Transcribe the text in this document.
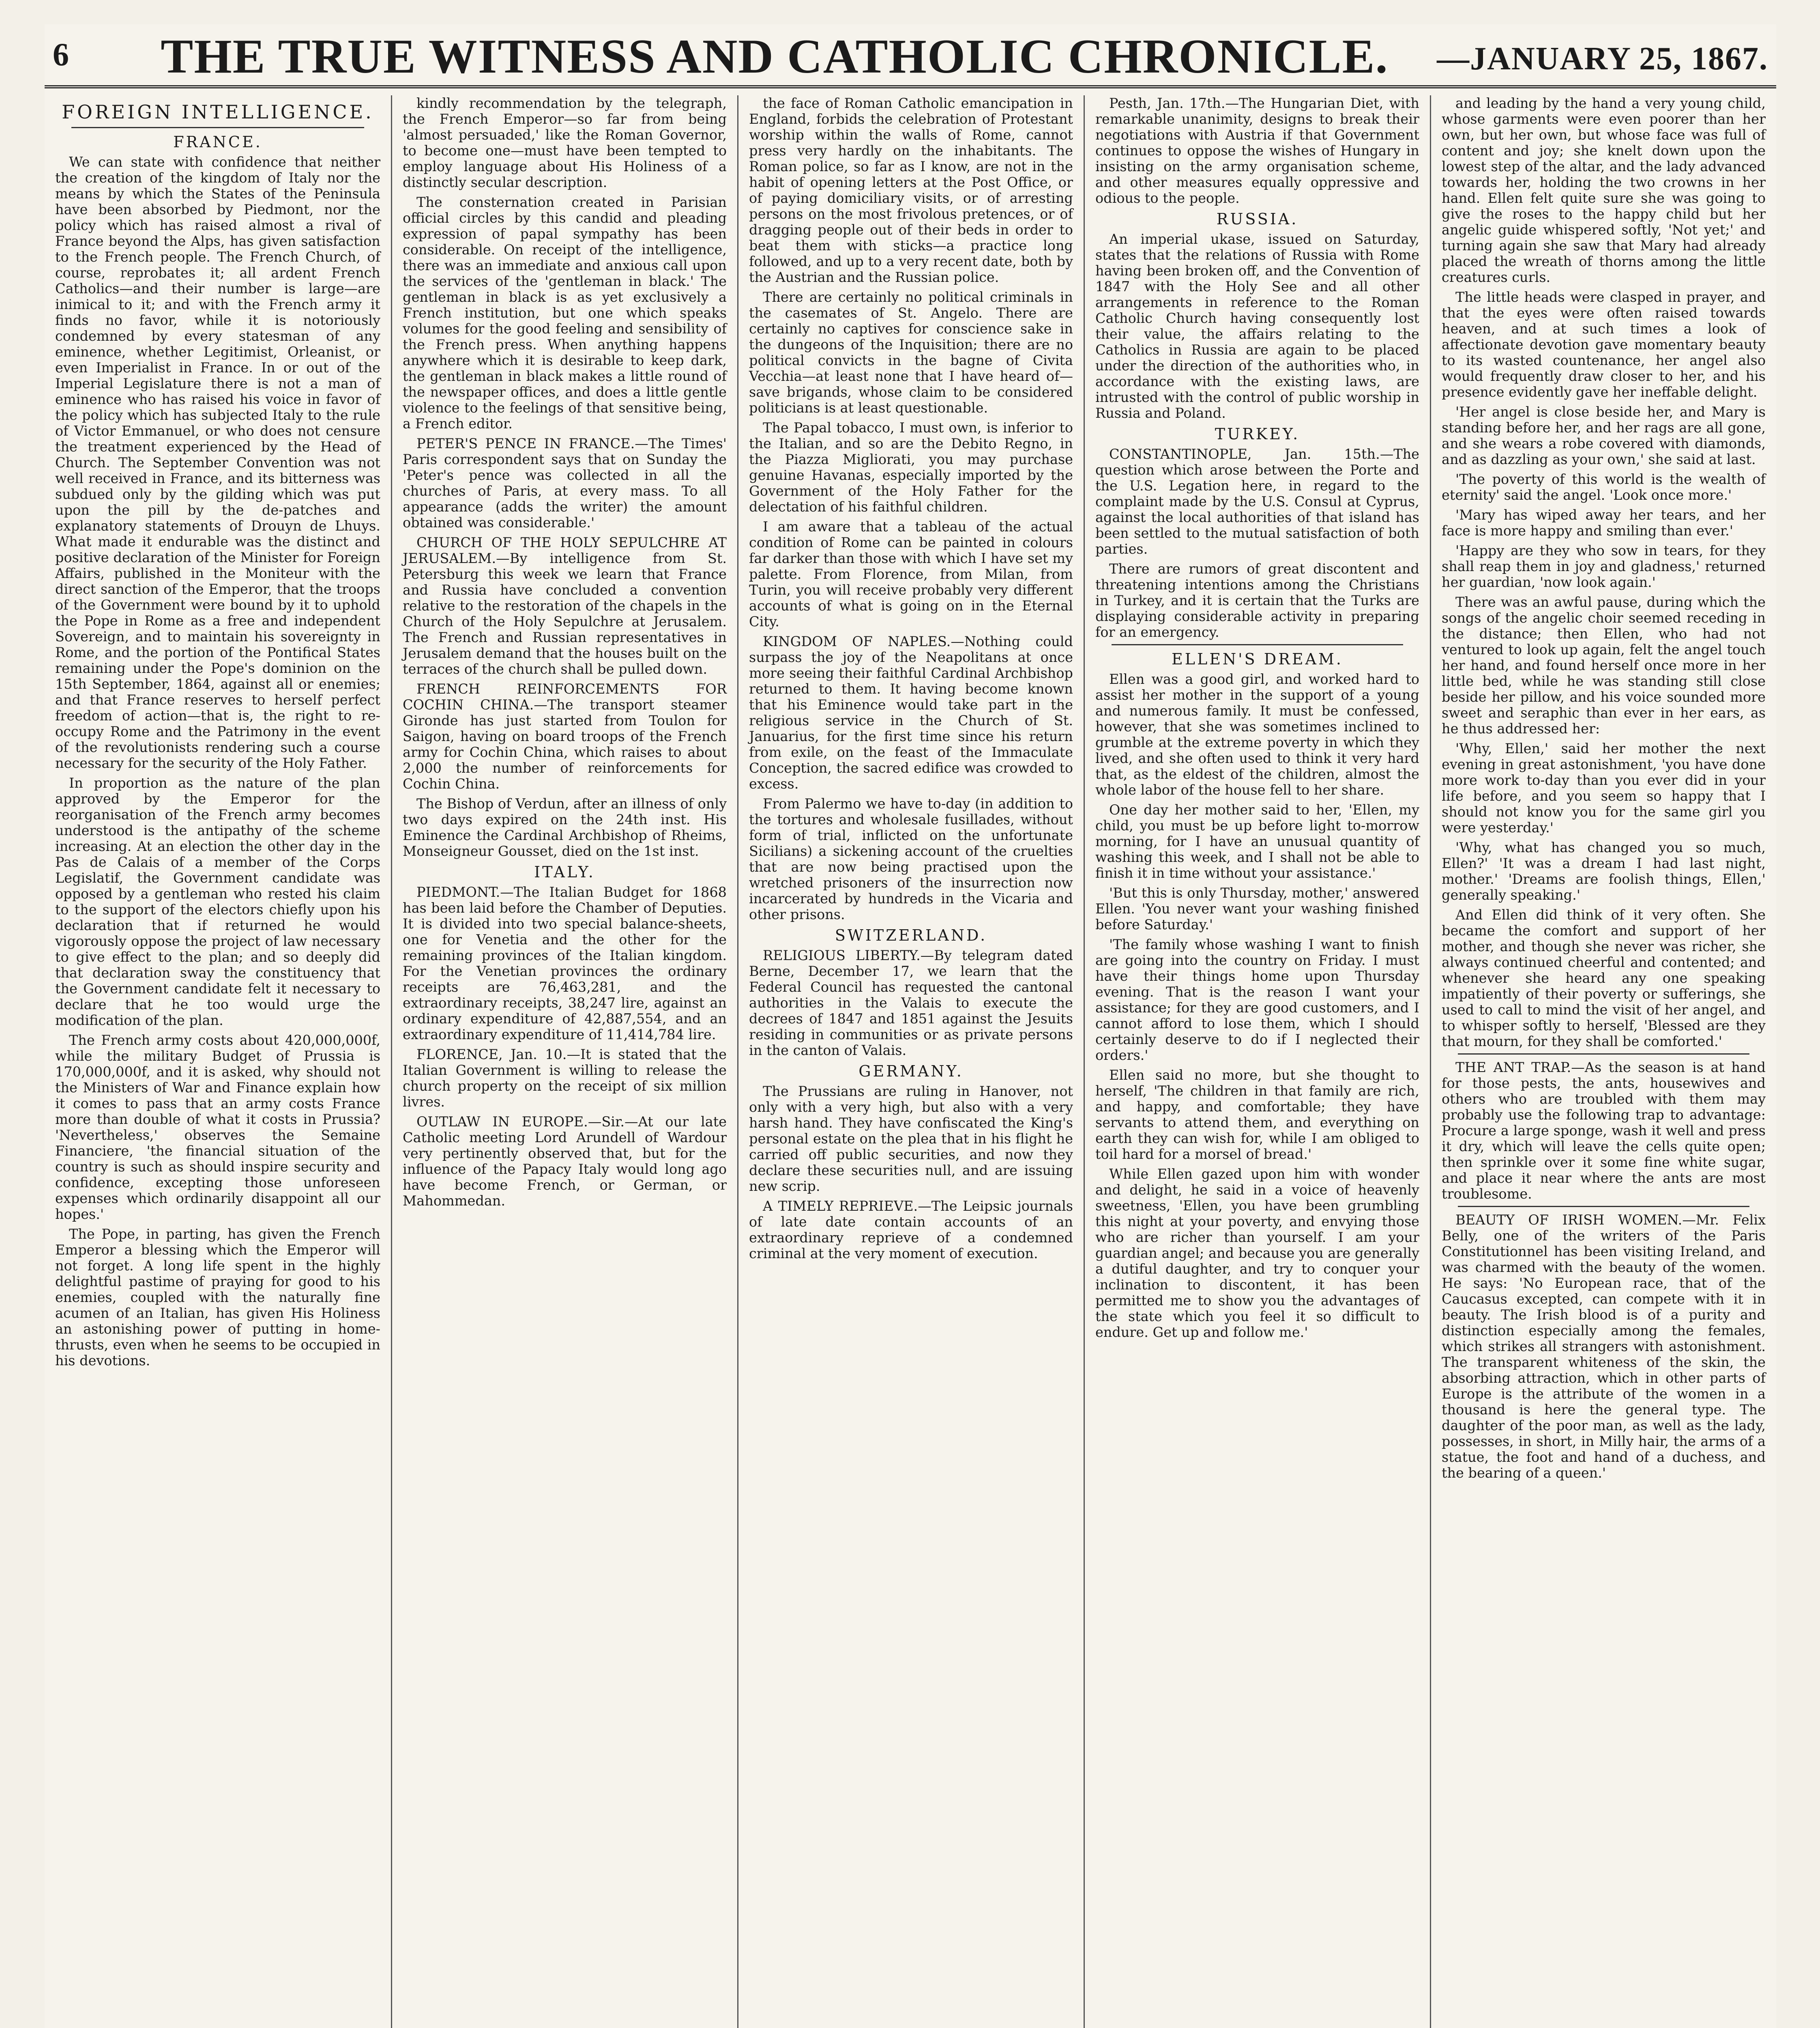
6	THE TRUE WITNESS AND CATHOLIC CHRONICLE.	—JANUARY 25, 1867.
FOREIGN INTELLIGENCE.
FRANCE.

We can state with confidence that neither the creation of the kingdom of Italy nor the means by which the States of the Peninsula have been absorbed by Piedmont, nor the policy which has raised almost a rival of France beyond the Alps, has given satisfaction to the French people. The French Church, of course, reprobates it; all ardent French Catholics—and their number is large—are inimical to it; and with the French army it finds no favor, while it is notoriously condemned by every statesman of any eminence, whether Legitimist, Orleanist, or even Imperialist in France. In or out of the Imperial Legislature there is not a man of eminence who has raised his voice in favor of the policy which has subjected Italy to the rule of Victor Emmanuel, or who does not censure the treatment experienced by the Head of Church. The September Convention was not well received in France, and its bitterness was subdued only by the gilding which was put upon the pill by the de-patches and explanatory statements of Drouyn de Lhuys. What made it endurable was the distinct and positive declaration of the Minister for Foreign Affairs, published in the Moniteur with the direct sanction of the Emperor, that the troops of the Government were bound by it to uphold the Pope in Rome as a free and independent Sovereign, and to maintain his sovereignty in Rome, and the portion of the Pontifical States remaining under the Pope's dominion on the 15th September, 1864, against all or enemies; and that France reserves to herself perfect freedom of action—that is, the right to re-occupy Rome and the Patrimony in the event of the revolutionists rendering such a course necessary for the security of the Holy Father.

In proportion as the nature of the plan approved by the Emperor for the reorganisation of the French army becomes understood is the antipathy of the scheme increasing. At an election the other day in the Pas de Calais of a member of the Corps Legislatif, the Government candidate was opposed by a gentleman who rested his claim to the support of the electors chiefly upon his declaration that if returned he would vigorously oppose the project of law necessary to give effect to the plan; and so deeply did that declaration sway the constituency that the Government candidate felt it necessary to declare that he too would urge the modification of the plan.

The French army costs about 420,000,000f, while the military Budget of Prussia is 170,000,000f, and it is asked, why should not the Ministers of War and Finance explain how it comes to pass that an army costs France more than double of what it costs in Prussia? 'Nevertheless,' observes the Semaine Financiere, 'the financial situation of the country is such as should inspire security and confidence, excepting those unforeseen expenses which ordinarily disappoint all our hopes.'

The Pope, in parting, has given the French Emperor a blessing which the Emperor will not forget. A long life spent in the highly delightful pastime of praying for good to his enemies, coupled with the naturally fine acumen of an Italian, has given His Holiness an astonishing power of putting in home-thrusts, even when he seems to be occupied in his devotions.

kindly recommendation by the telegraph, the French Emperor—so far from being 'almost persuaded,' like the Roman Governor, to become one—must have been tempted to employ language about His Holiness of a distinctly secular description.

The consternation created in Parisian official circles by this candid and pleading expression of papal sympathy has been considerable. On receipt of the intelligence, there was an immediate and anxious call upon the services of the 'gentleman in black.' The gentleman in black is as yet exclusively a French institution, but one which speaks volumes for the good feeling and sensibility of the French press. When anything happens anywhere which it is desirable to keep dark, the gentleman in black makes a little round of the newspaper offices, and does a little gentle violence to the feelings of that sensitive being, a French editor.

PETER'S PENCE IN FRANCE.—The Times' Paris correspondent says that on Sunday the 'Peter's pence was collected in all the churches of Paris, at every mass. To all appearance (adds the writer) the amount obtained was considerable.'

CHURCH OF THE HOLY SEPULCHRE AT JERUSALEM.—By intelligence from St. Petersburg this week we learn that France and Russia have concluded a convention relative to the restoration of the chapels in the Church of the Holy Sepulchre at Jerusalem. The French and Russian representatives in Jerusalem demand that the houses built on the terraces of the church shall be pulled down.

FRENCH REINFORCEMENTS FOR COCHIN CHINA.—The transport steamer Gironde has just started from Toulon for Saigon, having on board troops of the French army for Cochin China, which raises to about 2,000 the number of reinforcements for Cochin China.

The Bishop of Verdun, after an illness of only two days expired on the 24th inst. His Eminence the Cardinal Archbishop of Rheims, Monseigneur Gousset, died on the 1st inst.

ITALY.

PIEDMONT.—The Italian Budget for 1868 has been laid before the Chamber of Deputies. It is divided into two special balance-sheets, one for Venetia and the other for the remaining provinces of the Italian kingdom. For the Venetian provinces the ordinary receipts are 76,463,281, and the extraordinary receipts, 38,247 lire, against an ordinary expenditure of 42,887,554, and an extraordinary expenditure of 11,414,784 lire.

FLORENCE, Jan. 10.—It is stated that the Italian Government is willing to release the church property on the receipt of six million livres.

OUTLAW IN EUROPE.—Sir.—At our late Catholic meeting Lord Arundell of Wardour very pertinently observed that, but for the influence of the Papacy Italy would long ago have become French, or German, or Mahommedan.

the face of Roman Catholic emancipation in England, forbids the celebration of Protestant worship within the walls of Rome, cannot press very hardly on the inhabitants. The Roman police, so far as I know, are not in the habit of opening letters at the Post Office, or of paying domiciliary visits, or of arresting persons on the most frivolous pretences, or of dragging people out of their beds in order to beat them with sticks—a practice long followed, and up to a very recent date, both by the Austrian and the Russian police.

There are certainly no political criminals in the casemates of St. Angelo. There are certainly no captives for conscience sake in the dungeons of the Inquisition; there are no political convicts in the bagne of Civita Vecchia—at least none that I have heard of—save brigands, whose claim to be considered politicians is at least questionable.

The Papal tobacco, I must own, is inferior to the Italian, and so are the Debito Regno, in the Piazza Migliorati, you may purchase genuine Havanas, especially imported by the Government of the Holy Father for the delectation of his faithful children.

I am aware that a tableau of the actual condition of Rome can be painted in colours far darker than those with which I have set my palette. From Florence, from Milan, from Turin, you will receive probably very different accounts of what is going on in the Eternal City.

KINGDOM OF NAPLES.—Nothing could surpass the joy of the Neapolitans at once more seeing their faithful Cardinal Archbishop returned to them. It having become known that his Eminence would take part in the religious service in the Church of St. Januarius, for the first time since his return from exile, on the feast of the Immaculate Conception, the sacred edifice was crowded to excess.

From Palermo we have to-day (in addition to the tortures and wholesale fusillades, without form of trial, inflicted on the unfortunate Sicilians) a sickening account of the cruelties that are now being practised upon the wretched prisoners of the insurrection now incarcerated by hundreds in the Vicaria and other prisons.

SWITZERLAND.

RELIGIOUS LIBERTY.—By telegram dated Berne, December 17, we learn that the Federal Council has requested the cantonal authorities in the Valais to execute the decrees of 1847 and 1851 against the Jesuits residing in communities or as private persons in the canton of Valais.

GERMANY.

The Prussians are ruling in Hanover, not only with a very high, but also with a very harsh hand. They have confiscated the King's personal estate on the plea that in his flight he carried off public securities, and now they declare these securities null, and are issuing new scrip.

A TIMELY REPRIEVE.—The Leipsic journals of late date contain accounts of an extraordinary reprieve of a condemned criminal at the very moment of execution.

Pesth, Jan. 17th.—The Hungarian Diet, with remarkable unanimity, designs to break their negotiations with Austria if that Government continues to oppose the wishes of Hungary in insisting on the army organisation scheme, and other measures equally oppressive and odious to the people.

RUSSIA.

An imperial ukase, issued on Saturday, states that the relations of Russia with Rome having been broken off, and the Convention of 1847 with the Holy See and all other arrangements in reference to the Roman Catholic Church having consequently lost their value, the affairs relating to the Catholics in Russia are again to be placed under the direction of the authorities who, in accordance with the existing laws, are intrusted with the control of public worship in Russia and Poland.

TURKEY.

CONSTANTINOPLE, Jan. 15th.—The question which arose between the Porte and the U.S. Legation here, in regard to the complaint made by the U.S. Consul at Cyprus, against the local authorities of that island has been settled to the mutual satisfaction of both parties.

There are rumors of great discontent and threatening intentions among the Christians in Turkey, and it is certain that the Turks are displaying considerable activity in preparing for an emergency.

ELLEN'S DREAM.

Ellen was a good girl, and worked hard to assist her mother in the support of a young and numerous family. It must be confessed, however, that she was sometimes inclined to grumble at the extreme poverty in which they lived, and she often used to think it very hard that, as the eldest of the children, almost the whole labor of the house fell to her share.

One day her mother said to her, 'Ellen, my child, you must be up before light to-morrow morning, for I have an unusual quantity of washing this week, and I shall not be able to finish it in time without your assistance.'

'But this is only Thursday, mother,' answered Ellen. 'You never want your washing finished before Saturday.'

'The family whose washing I want to finish are going into the country on Friday. I must have their things home upon Thursday evening. That is the reason I want your assistance; for they are good customers, and I cannot afford to lose them, which I should certainly deserve to do if I neglected their orders.'

Ellen said no more, but she thought to herself, 'The children in that family are rich, and happy, and comfortable; they have servants to attend them, and everything on earth they can wish for, while I am obliged to toil hard for a morsel of bread.'

While Ellen gazed upon him with wonder and delight, he said in a voice of heavenly sweetness, 'Ellen, you have been grumbling this night at your poverty, and envying those who are richer than yourself. I am your guardian angel; and because you are generally a dutiful daughter, and try to conquer your inclination to discontent, it has been permitted me to show you the advantages of the state which you feel it so difficult to endure. Get up and follow me.'

and leading by the hand a very young child, whose garments were even poorer than her own, but her own, but whose face was full of content and joy; she knelt down upon the lowest step of the altar, and the lady advanced towards her, holding the two crowns in her hand. Ellen felt quite sure she was going to give the roses to the happy child but her angelic guide whispered softly, 'Not yet;' and turning again she saw that Mary had already placed the wreath of thorns among the little creatures curls.

The little heads were clasped in prayer, and that the eyes were often raised towards heaven, and at such times a look of affectionate devotion gave momentary beauty to its wasted countenance, her angel also would frequently draw closer to her, and his presence evidently gave her ineffable delight.

'Her angel is close beside her, and Mary is standing before her, and her rags are all gone, and she wears a robe covered with diamonds, and as dazzling as your own,' she said at last.

'The poverty of this world is the wealth of eternity' said the angel. 'Look once more.'

'Mary has wiped away her tears, and her face is more happy and smiling than ever.'

'Happy are they who sow in tears, for they shall reap them in joy and gladness,' returned her guardian, 'now look again.'

There was an awful pause, during which the songs of the angelic choir seemed receding in the distance; then Ellen, who had not ventured to look up again, felt the angel touch her hand, and found herself once more in her little bed, while he was standing still close beside her pillow, and his voice sounded more sweet and seraphic than ever in her ears, as he thus addressed her:

'Why, Ellen,' said her mother the next evening in great astonishment, 'you have done more work to-day than you ever did in your life before, and you seem so happy that I should not know you for the same girl you were yesterday.'

'Why, what has changed you so much, Ellen?' 'It was a dream I had last night, mother.' 'Dreams are foolish things, Ellen,' generally speaking.'

And Ellen did think of it very often. She became the comfort and support of her mother, and though she never was richer, she always continued cheerful and contented; and whenever she heard any one speaking impatiently of their poverty or sufferings, she used to call to mind the visit of her angel, and to whisper softly to herself, 'Blessed are they that mourn, for they shall be comforted.'

THE ANT TRAP.—As the season is at hand for those pests, the ants, housewives and others who are troubled with them may probably use the following trap to advantage: Procure a large sponge, wash it well and press it dry, which will leave the cells quite open; then sprinkle over it some fine white sugar, and place it near where the ants are most troublesome.

BEAUTY OF IRISH WOMEN.—Mr. Felix Belly, one of the writers of the Paris Constitutionnel has been visiting Ireland, and was charmed with the beauty of the women. He says: 'No European race, that of the Caucasus excepted, can compete with it in beauty. The Irish blood is of a purity and distinction especially among the females, which strikes all strangers with astonishment. The transparent whiteness of the skin, the absorbing attraction, which in other parts of Europe is the attribute of the women in a thousand is here the general type. The daughter of the poor man, as well as the lady, possesses, in short, in Milly hair, the arms of a statue, the foot and hand of a duchess, and the bearing of a queen.'
